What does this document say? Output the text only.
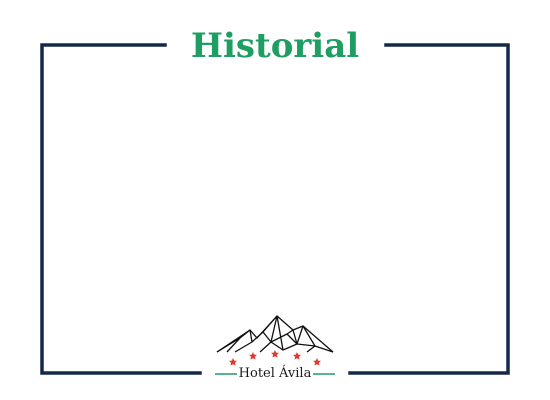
Historial
Hotel Ávila
